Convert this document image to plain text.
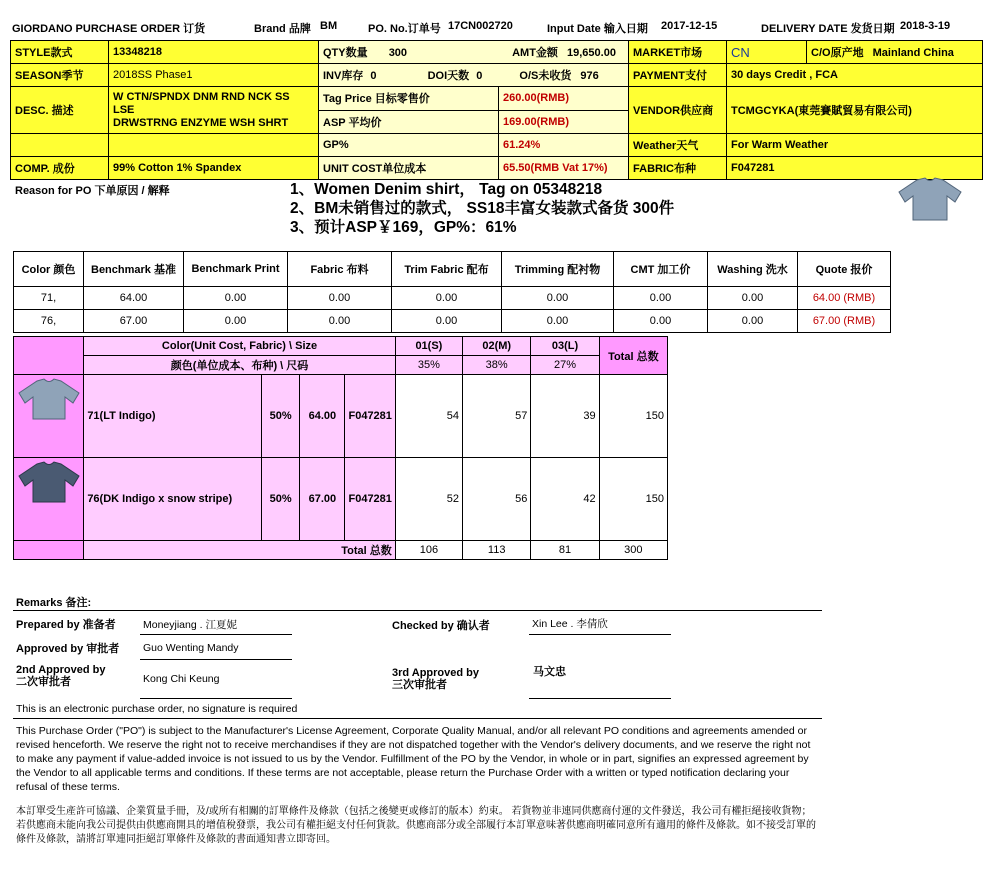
GIORDANO PURCHASE ORDER 订货	Brand 品牌 BM	PO. No.订单号 17CN002720	Input Date 输入日期 2017-12-15	DELIVERY DATE 发货日期 2018-3-19
STYLE款式	13348218	QTY数量 300 AMT金额 19,650.00		MARKET市场	CN	C/O原产地 Mainland China
SEASON季节	2018SS Phase1	INV库存 0 DOI天数 0 O/S未收货 976		PAYMENT支付	30 days Credit , FCA	
DESC. 描述	W CTN/SPNDX DNM RND NCK SS LSE
DRWSTRNG ENZYME WSH SHRT	Tag Price 目标零售价	260.00(RMB)	VENDOR供应商	TCMGCYKA(東莞賽賦貿易有限公司)	
		ASP 平均价	169.00(RMB)			
		GP%	61.24%	Weather天气	For Warm Weather	
COMP. 成份	99% Cotton 1% Spandex	UNIT COST单位成本	65.50(RMB Vat 17%)	FABRIC布种	F047281	
Reason for PO 下单原因 / 解释	1、Women Denim shirt， Tag on 05348218
2、BM未销售过的款式， SS18丰富女装款式备货 300件
3、预计ASP￥169，GP%：61%
Color 颜色	Benchmark 基准	Benchmark Print	Fabric 布料	Trim Fabric 配布	Trimming 配衬物	CMT 加工价	Washing 洗水	Quote 报价
71,	64.00	0.00	0.00	0.00	0.00	0.00	0.00	64.00 (RMB)
76,	67.00	0.00	0.00	0.00	0.00	0.00	0.00	67.00 (RMB)
	Color(Unit Cost, Fabric) \ Size				01(S)	02(M)	03(L)	Total 总数
	颜色(单位成本、布种) \ 尺码				35%	38%	27%	

	71(LT Indigo)	50%	64.00	F047281	54	57	39	150

	76(DK Indigo x snow stripe)	50%	67.00	F047281	52	56	42	150
	Total 总数				106	113	81	300
Remarks 备注:
Prepared by 准备者	Moneyjiang . 江夏妮	Checked by 确认者	Xin Lee . 李倩欣
Approved by 审批者 Guo Wenting Mandy
2nd Approved by
二次审批者	Kong Chi Keung	3rd Approved by
三次审批者
马文忠
This is an electronic purchase order, no signature is required
This Purchase Order ("PO") is subject to the Manufacturer's License Agreement, Corporate Quality Manual, and/or all relevant PO conditions and agreements amended or revised henceforth. We reserve the right not to receive merchandises if they are not dispatched together with the Vendor's delivery documents, and we reserve the right not to make any payment if value-added invoice is not issued to us by the Vendor. Fulfillment of the PO by the Vendor, in whole or in part, signifies an expressed agreement by the Vendor to all applicable terms and conditions. If these terms are not acceptable, please return the Purchase Order with a written or typed notification declaring your refusal of these terms.
本訂單受生產許可協議、企業質量手冊，及/或所有相關的訂單條件及條款（包括之後變更或修訂的版本）約束。 若貨物並非連同供應商付運的文件發送，我公司有權拒絕接收貨物；若供應商未能向我公司提供由供應商開具的增值稅發票，我公司有權拒絕支付任何貨款。供應商部分或全部履行本訂單意味著供應商明確同意所有適用的條件及條款。如不接受訂單的條件及條款，請將訂單連同拒絕訂單條件及條款的書面通知書立即寄回。
